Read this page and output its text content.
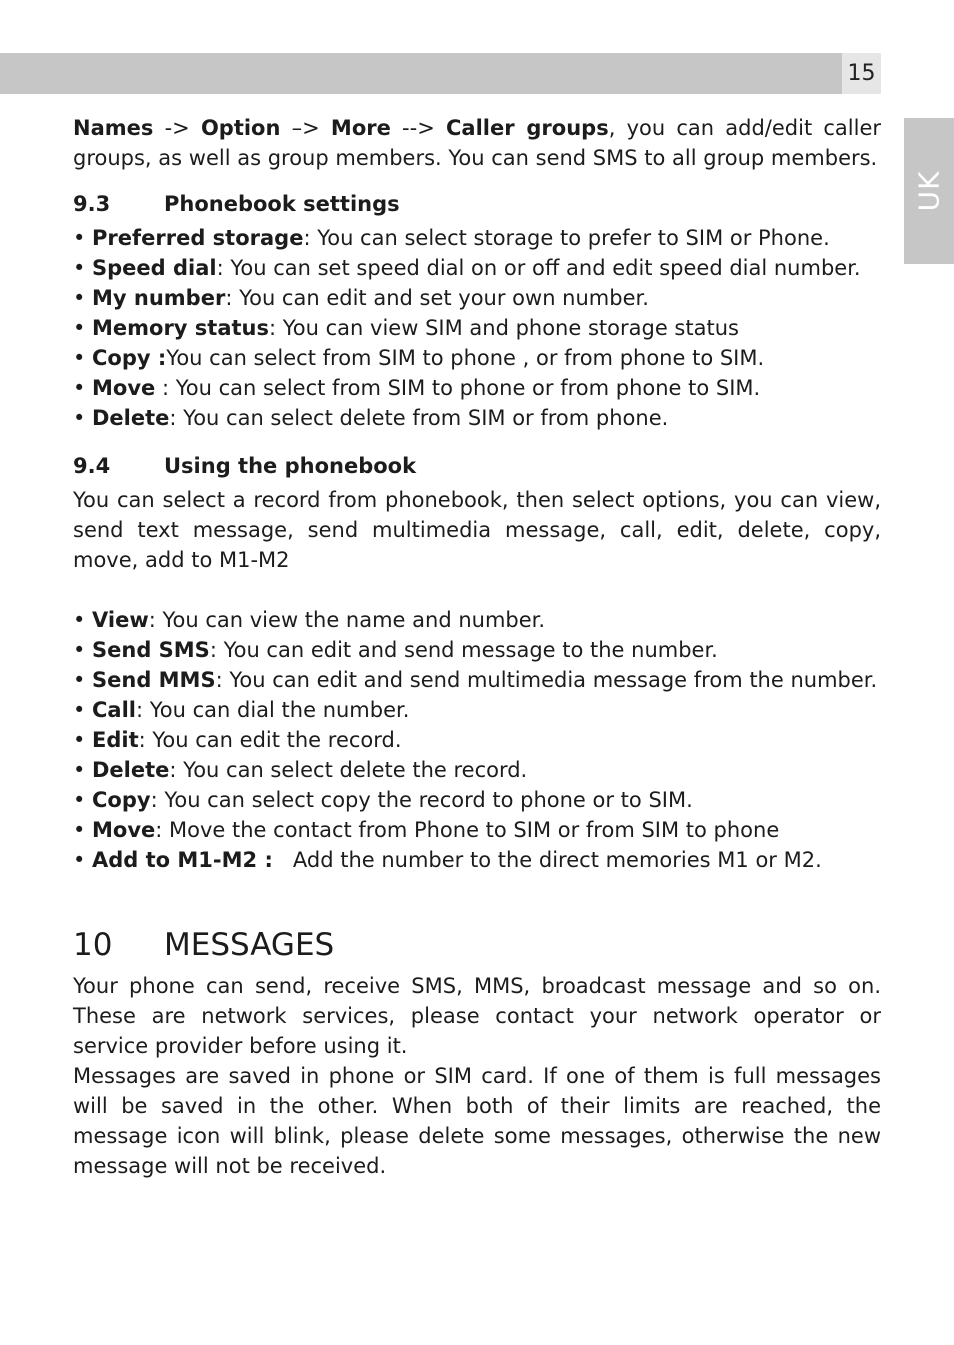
15
UK

Names -> Option –> More --> Caller groups, you can add/edit caller groups, as well as group members. You can send SMS to all group members.

9.3	Phonebook settings
• Preferred storage: You can select storage to prefer to SIM or Phone.
• Speed dial: You can set speed dial on or off and edit speed dial number.
• My number: You can edit and set your own number.
• Memory status: You can view SIM and phone storage status
• Copy :You can select from SIM to phone , or from phone to SIM.
• Move : You can select from SIM to phone or from phone to SIM.
• Delete: You can select delete from SIM or from phone.
9.4	Using the phonebook

You can select a record from phonebook, then select options, you can view, send text message, send multimedia message, call, edit, delete, copy, move, add to M1-M2

• View: You can view the name and number.
• Send SMS: You can edit and send message to the number.
• Send MMS: You can edit and send multimedia message from the number.
• Call: You can dial the number.
• Edit: You can edit the record.
• Delete: You can select delete the record.
• Copy: You can select copy the record to phone or to SIM.
• Move: Move the contact from Phone to SIM or from SIM to phone
• Add to M1-M2 :   Add the number to the direct memories M1 or M2.
10	MESSAGES

Your phone can send, receive SMS, MMS, broadcast message and so on. These are network services, please contact your network operator or service provider before using it.

Messages are saved in phone or SIM card. If one of them is full messages will be saved in the other. When both of their limits are reached, the message icon will blink, please delete some messages, otherwise the new message will not be received.
